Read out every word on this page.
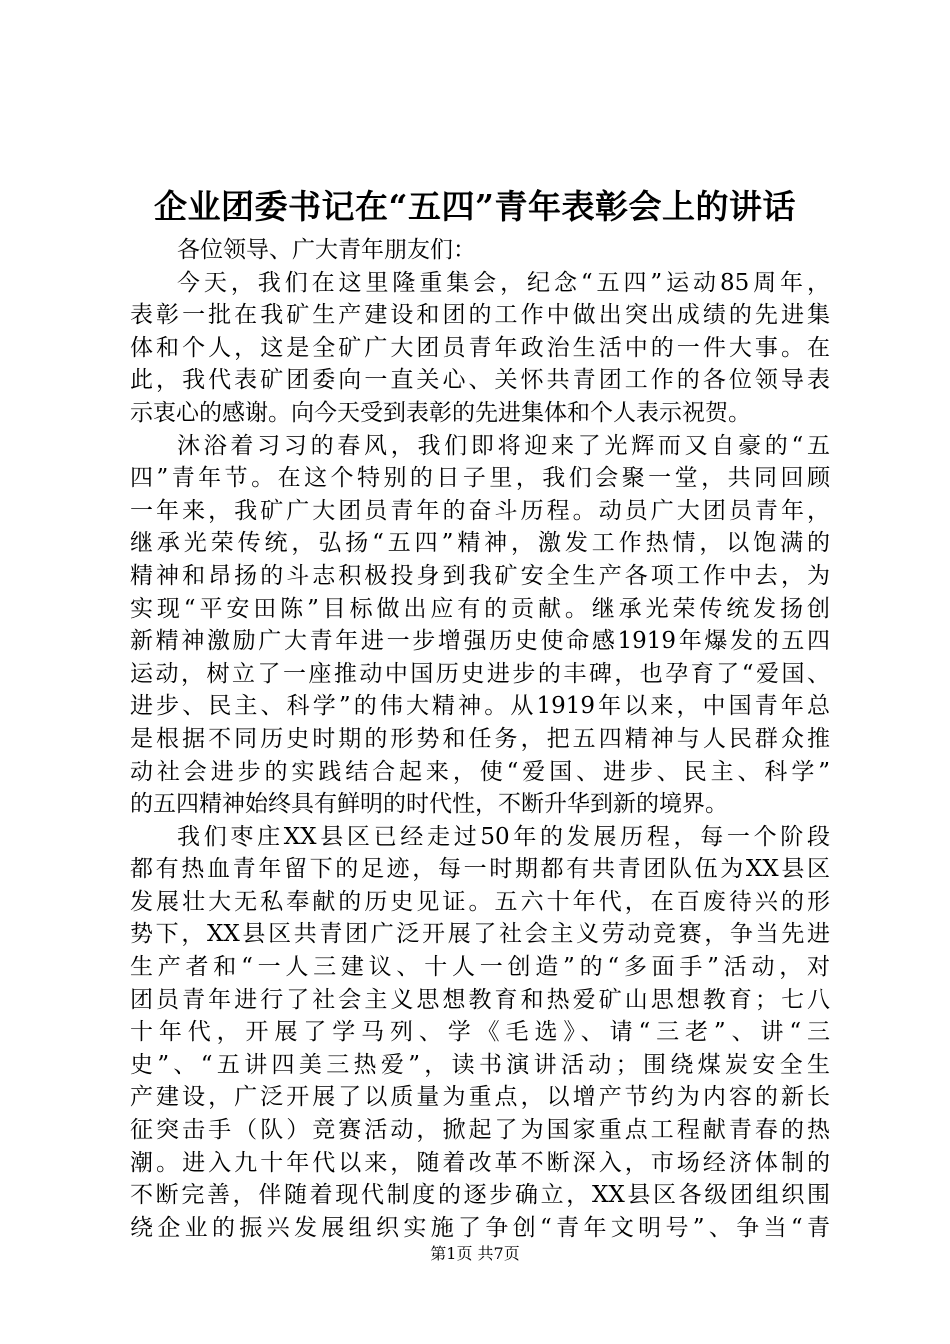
企业团委书记在“五四”青年表彰会上的讲话
各位领导、广大青年朋友们：
今天，我们在这里隆重集会，纪念“五四”运动85周年，
表彰一批在我矿生产建设和团的工作中做出突出成绩的先进集
体和个人，这是全矿广大团员青年政治生活中的一件大事。在
此，我代表矿团委向一直关心、关怀共青团工作的各位领导表
示衷心的感谢。向今天受到表彰的先进集体和个人表示祝贺。
沐浴着习习的春风，我们即将迎来了光辉而又自豪的“五
四”青年节。在这个特别的日子里，我们会聚一堂，共同回顾
一年来，我矿广大团员青年的奋斗历程。动员广大团员青年，
继承光荣传统，弘扬“五四”精神，激发工作热情，以饱满的
精神和昂扬的斗志积极投身到我矿安全生产各项工作中去，为
实现“平安田陈”目标做出应有的贡献。继承光荣传统发扬创
新精神激励广大青年进一步增强历史使命感1919年爆发的五四
运动，树立了一座推动中国历史进步的丰碑，也孕育了“爱国、
进步、民主、科学”的伟大精神。从1919年以来，中国青年总
是根据不同历史时期的形势和任务，把五四精神与人民群众推
动社会进步的实践结合起来，使“爱国、进步、民主、科学”
的五四精神始终具有鲜明的时代性，不断升华到新的境界。
我们枣庄XX县区已经走过50年的发展历程，每一个阶段
都有热血青年留下的足迹，每一时期都有共青团队伍为XX县区
发展壮大无私奉献的历史见证。五六十年代，在百废待兴的形
势下，XX县区共青团广泛开展了社会主义劳动竞赛，争当先进
生产者和“一人三建议、十人一创造”的“多面手”活动，对
团员青年进行了社会主义思想教育和热爱矿山思想教育；七八
十年代，开展了学马列、学《毛选》、请“三老”、讲“三
史”、“五讲四美三热爱”，读书演讲活动；围绕煤炭安全生
产建设，广泛开展了以质量为重点，以增产节约为内容的新长
征突击手（队）竞赛活动，掀起了为国家重点工程献青春的热
潮。进入九十年代以来，随着改革不断深入，市场经济体制的
不断完善，伴随着现代制度的逐步确立，XX县区各级团组织围
绕企业的振兴发展组织实施了争创“青年文明号”、争当“青
第1页 共7页
